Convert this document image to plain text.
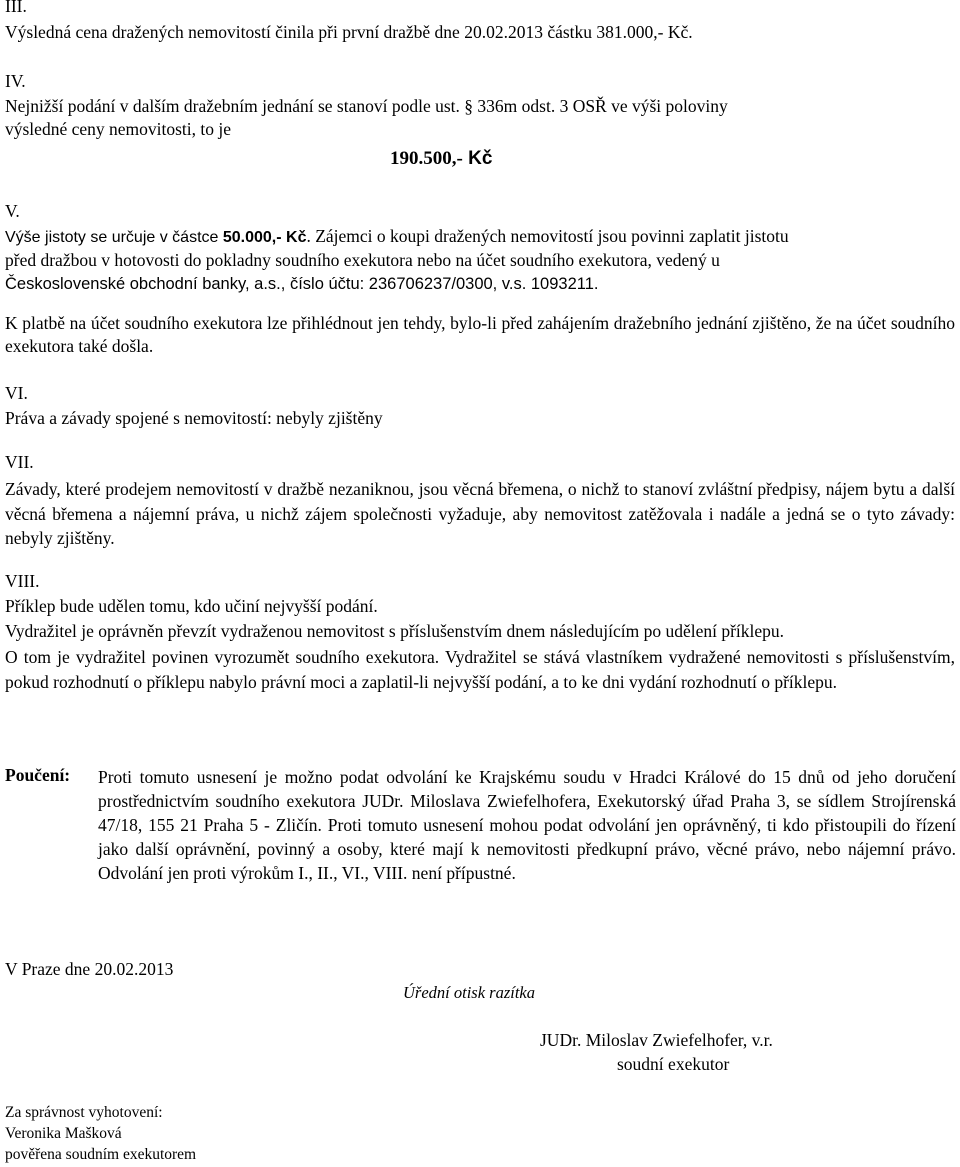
III.
Výsledná cena dražených nemovitostí činila při první dražbě dne 20.02.2013 částku 381.000,- Kč.
IV.
Nejnižší podání v dalším dražebním jednání se stanoví podle ust. § 336m odst. 3 OSŘ ve výši poloviny
výsledné ceny nemovitosti, to je
190.500,- Kč
V.
Výše jistoty se určuje v částce 50.000,- Kč. Zájemci o koupi dražených nemovitostí jsou povinni zaplatit jistotu
před dražbou v hotovosti do pokladny soudního exekutora nebo na účet soudního exekutora, vedený u
Československé obchodní banky, a.s., číslo účtu: 236706237/0300, v.s. 1093211.
K platbě na účet soudního exekutora lze přihlédnout jen tehdy, bylo-li před zahájením dražebního jednání zjištěno, že na účet soudního exekutora také došla.
VI.
Práva a závady spojené s nemovitostí: nebyly zjištěny
VII.
Závady, které prodejem nemovitostí v dražbě nezaniknou, jsou věcná břemena, o nichž to stanoví zvláštní předpisy, nájem bytu a další věcná břemena a nájemní práva, u nichž zájem společnosti vyžaduje, aby nemovitost zatěžovala i nadále a jedná se o tyto závady: nebyly zjištěny.
VIII.
Příklep bude udělen tomu, kdo učiní nejvyšší podání.
Vydražitel je oprávněn převzít vydraženou nemovitost s příslušenstvím dnem následujícím po udělení příklepu.
O tom je vydražitel povinen vyrozumět soudního exekutora. Vydražitel se stává vlastníkem vydražené nemovitosti s příslušenstvím, pokud rozhodnutí o příklepu nabylo právní moci a zaplatil-li nejvyšší podání, a to ke dni vydání rozhodnutí o příklepu.
Poučení: Proti tomuto usnesení je možno podat odvolání ke Krajskému soudu v Hradci Králové do 15 dnů od jeho doručení prostřednictvím soudního exekutora JUDr. Miloslava Zwiefelhofera, Exekutorský úřad Praha 3, se sídlem Strojírenská 47/18, 155 21 Praha 5 - Zličín. Proti tomuto usnesení mohou podat odvolání jen oprávněný, ti kdo přistoupili do řízení jako další oprávnění, povinný a osoby, které mají k nemovitosti předkupní právo, věcné právo, nebo nájemní právo. Odvolání jen proti výrokům I., II., VI., VIII. není přípustné.
V Praze dne 20.02.2013
Úřední otisk razítka
JUDr. Miloslav Zwiefelhofer, v.r.
soudní exekutor
Za správnost vyhotovení:
Veronika Mašková
pověřena soudním exekutorem
